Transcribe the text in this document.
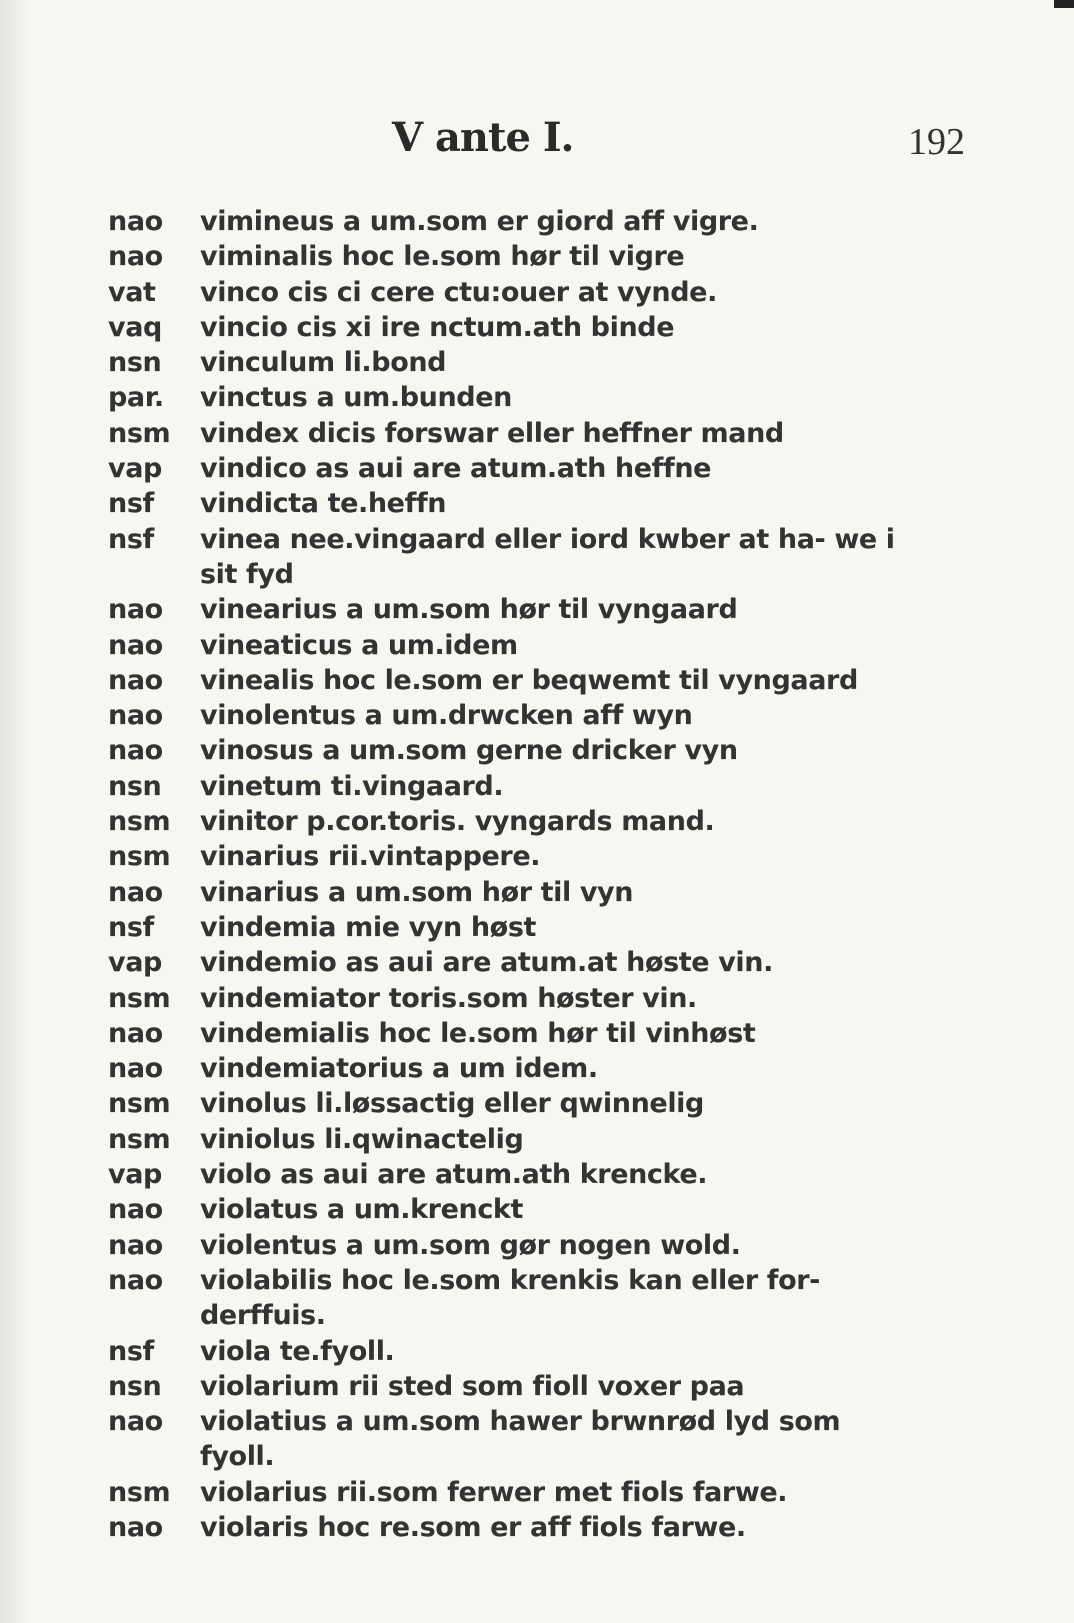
V ante I.	192
nao	vimineus a um.som er giord aff vigre.
nao	viminalis hoc le.som hør til vigre
vat	vinco cis ci cere ctu:ouer at vynde.
vaq	vincio cis xi ire nctum.ath binde
nsn	vinculum li.bond
par.	vinctus a um.bunden
nsm	vindex dicis forswar eller heffner mand
vap	vindico as aui are atum.ath heffne
nsf	vindicta te.heffn
nsf	vinea nee.vingaard eller iord kwber at ha- we i sit fyd
nao	vinearius a um.som hør til vyngaard
nao	vineaticus a um.idem
nao	vinealis hoc le.som er beqwemt til vyngaard
nao	vinolentus a um.drwcken aff wyn
nao	vinosus a um.som gerne dricker vyn
nsn	vinetum ti.vingaard.
nsm	vinitor p.cor.toris. vyngards mand.
nsm	vinarius rii.vintappere.
nao	vinarius a um.som hør til vyn
nsf	vindemia mie vyn høst
vap	vindemio as aui are atum.at høste vin.
nsm	vindemiator toris.som høster vin.
nao	vindemialis hoc le.som hør til vinhøst
nao	vindemiatorius a um idem.
nsm	vinolus li.løssactig eller qwinnelig
nsm	viniolus li.qwinactelig
vap	violo as aui are atum.ath krencke.
nao	violatus a um.krenckt
nao	violentus a um.som gør nogen wold.
nao	violabilis hoc le.som krenkis kan eller for- derffuis.
nsf	viola te.fyoll.
nsn	violarium rii sted som fioll voxer paa
nao	violatius a um.som hawer brwnrød lyd som fyoll.
nsm	violarius rii.som ferwer met fiols farwe.
nao	violaris hoc re.som er aff fiols farwe.
